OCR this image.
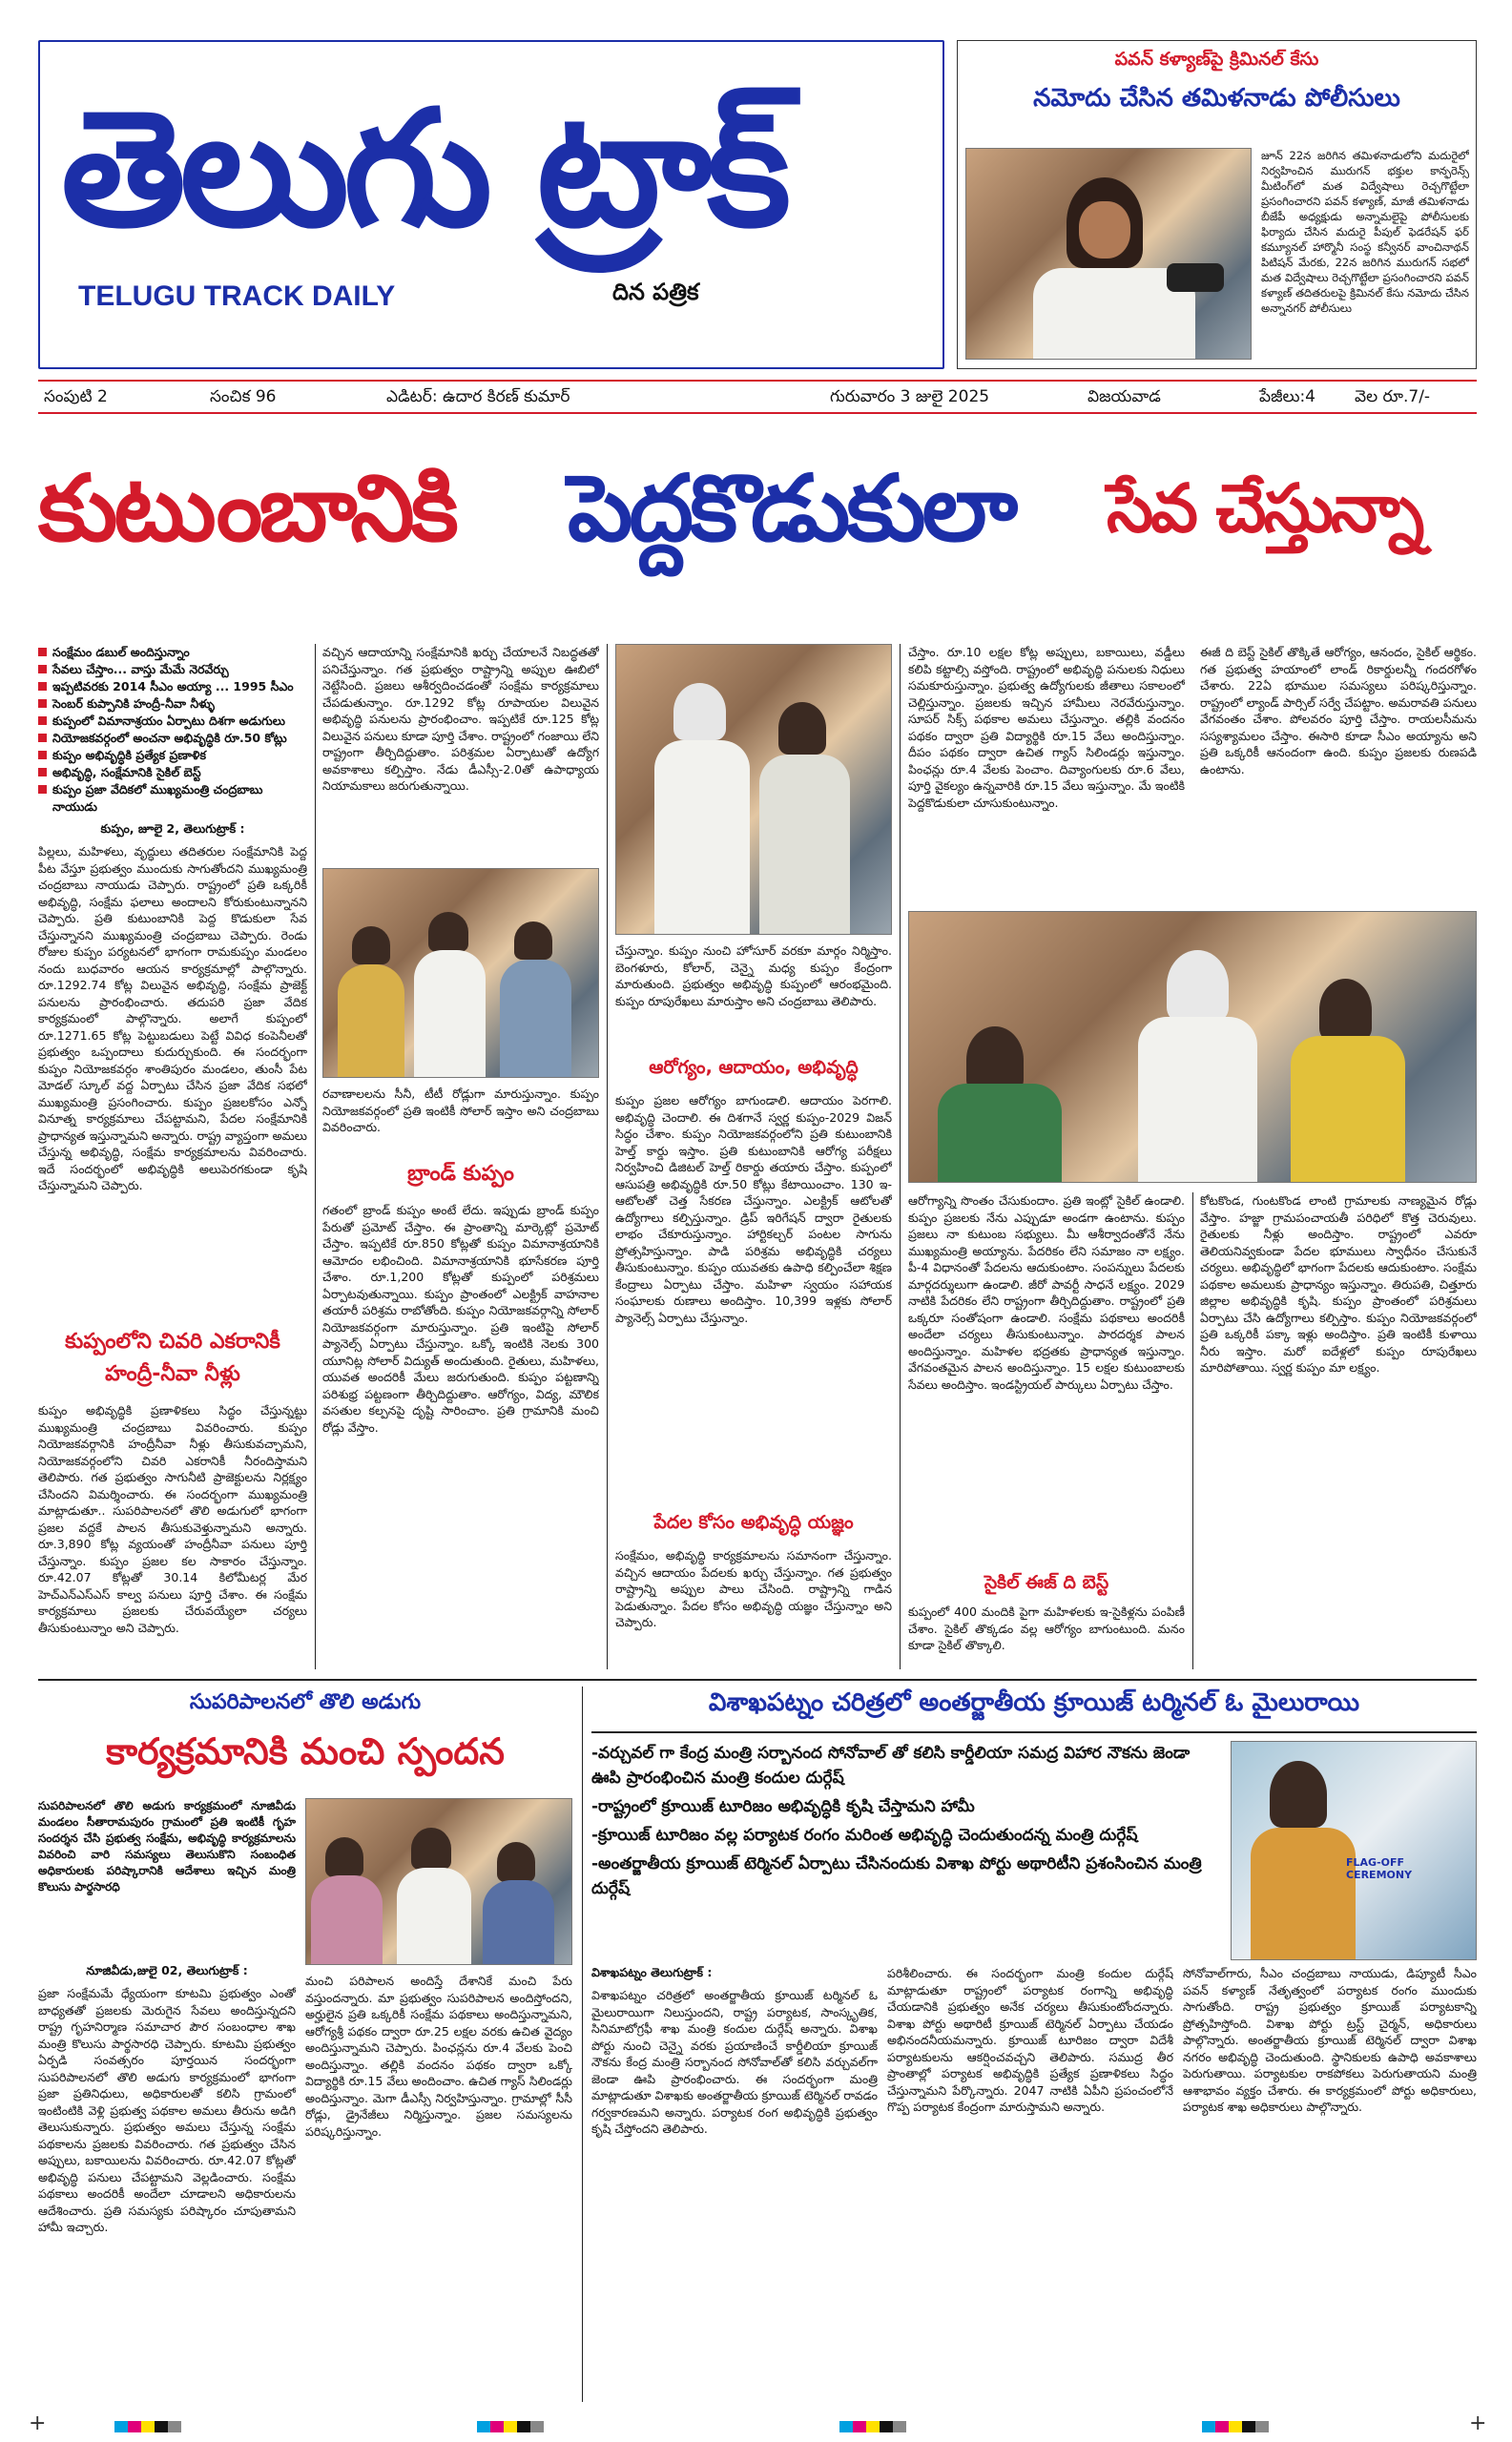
తెలుగు ట్రాక్
TELUGU TRACK DAILY	దిన పత్రిక
పవన్ కళ్యాణ్‌పై క్రిమినల్ కేసు
నమోదు చేసిన తమిళనాడు పోలీసులు
జూన్ 22న జరిగిన తమిళనాడులోని మదురైలో నిర్వహించిన మురుగన్ భక్తుల కాన్ఫరెన్స్ మీటింగ్‌లో మత విద్వేషాలు రెచ్చగొట్టేలా ప్రసంగించారని పవన్ కళ్యాణ్, మాజీ తమిళనాడు బీజేపీ అధ్యక్షుడు అన్నామలైపై పోలీసులకు ఫిర్యాదు చేసిన మదురై పీపుల్ ఫెడరేషన్ ఫర్ కమ్యూనల్ హార్మొనీ సంస్థ కన్వీనర్ వాంచినాథన్ పిటిషన్ మేరకు, 22న జరిగిన మురుగన్ సభలో మత విద్వేషాలు రెచ్చగొట్టేలా ప్రసంగించారని పవన్ కళ్యాణ్ తదితరులపై క్రిమినల్ కేసు నమోదు చేసిన అన్నానగర్ పోలీసులు
సంపుటి 2	సంచిక 96	ఎడిటర్: ఉదార కిరణ్ కుమార్	గురువారం 3 జులై 2025	విజయవాడ	పేజీలు:4 వెల రూ.7/-
కుటుంబానికి పెద్దకొడుకులా సేవ చేస్తున్నా
సంక్షేమం డబుల్ అందిస్తున్నాం
సేవలు చేస్తాం... వాస్తు మేమే నెరవేర్చు
ఇప్పటివరకు 2014 సీఎం అయ్యా ... 1995 సీఎం
సెంబర్ కుప్పానికి హంద్రీ-నీవా నీళ్ళు
కుప్పంలో విమానాశ్రయం ఏర్పాటు దిశగా అడుగులు
నియోజకవర్గంలో అంచనా అభివృద్ధికి రూ.50 కోట్లు
కుప్పం అభివృద్ధికి ప్రత్యేక ప్రణాళిక
అభివృద్ధి, సంక్షేమానికి సైకిల్ బెస్ట్
కుప్పం ప్రజా వేదికలో ముఖ్యమంత్రి చంద్రబాబు నాయుడు
కుప్పం, జూలై 2, తెలుగుట్రాక్ :
పిల్లలు, మహిళలు, వృద్ధులు తదితరుల సంక్షేమానికి పెద్ద పీట వేస్తూ ప్రభుత్వం ముందుకు సాగుతోందని ముఖ్యమంత్రి చంద్రబాబు నాయుడు చెప్పారు. రాష్ట్రంలో ప్రతి ఒక్కరికీ అభివృద్ధి, సంక్షేమ ఫలాలు అందాలని కోరుకుంటున్నానని చెప్పారు. ప్రతి కుటుంబానికి పెద్ద కొడుకులా సేవ చేస్తున్నానని ముఖ్యమంత్రి చంద్రబాబు చెప్పారు. రెండు రోజుల కుప్పం పర్యటనలో భాగంగా రామకుప్పం మండలం నందు బుధవారం ఆయన కార్యక్రమాల్లో పాల్గొన్నారు. రూ.1292.74 కోట్ల విలువైన అభివృద్ధి, సంక్షేమ ప్రాజెక్ట్ పనులను ప్రారంభించారు. తదుపరి ప్రజా వేదిక కార్యక్రమంలో పాల్గొన్నారు. అలాగే కుప్పంలో రూ.1271.65 కోట్ల పెట్టుబడులు పెట్టే వివిధ కంపెనీలతో ప్రభుత్వం ఒప్పందాలు కుదుర్చుకుంది. ఈ సందర్భంగా కుప్పం నియోజకవర్గం శాంతిపురం మండలం, తుంసీ పేట మోడల్ స్కూల్ వద్ద ఏర్పాటు చేసిన ప్రజా వేదిక సభలో ముఖ్యమంత్రి ప్రసంగించారు. కుప్పం ప్రజలకోసం ఎన్నో వినూత్న కార్యక్రమాలు చేపట్టామని, పేదల సంక్షేమానికి ప్రాధాన్యత ఇస్తున్నామని అన్నారు. రాష్ట్ర వ్యాప్తంగా అమలు చేస్తున్న అభివృద్ధి, సంక్షేమ కార్యక్రమాలను వివరించారు. ఇదే సందర్భంలో అభివృద్ధికి అలుపెరగకుండా కృషి చేస్తున్నామని చెప్పారు.
కుప్పంలోని చివరి ఎకరానికీ
హంద్రీ-నీవా నీళ్లు
కుప్పం అభివృద్ధికి ప్రణాళికలు సిద్ధం చేస్తున్నట్టు ముఖ్యమంత్రి చంద్రబాబు వివరించారు. కుప్పం నియోజకవర్గానికి హంద్రీనీవా నీళ్లు తీసుకువచ్చామని, నియోజకవర్గంలోని చివరి ఎకరానికీ నీరందిస్తామని తెలిపారు. గత ప్రభుత్వం సాగునీటి ప్రాజెక్టులను నిర్లక్ష్యం చేసిందని విమర్శించారు. ఈ సందర్భంగా ముఖ్యమంత్రి మాట్లాడుతూ.. సుపరిపాలనలో తొలి అడుగులో భాగంగా ప్రజల వద్దకే పాలన తీసుకువెళ్తున్నామని అన్నారు. రూ.3,890 కోట్ల వ్యయంతో హంద్రీనీవా పనులు పూర్తి చేస్తున్నాం. కుప్పం ప్రజల కల సాకారం చేస్తున్నాం. రూ.42.07 కోట్లతో 30.14 కిలోమీటర్ల మేర హెచ్ఎన్ఎస్ఎస్ కాల్వ పనులు పూర్తి చేశాం. ఈ సంక్షేమ కార్యక్రమాలు ప్రజలకు చేరువయ్యేలా చర్యలు తీసుకుంటున్నాం అని చెప్పారు.
వచ్చిన ఆదాయాన్ని సంక్షేమానికి ఖర్చు చేయాలనే నిబద్ధతతో పనిచేస్తున్నాం. గత ప్రభుత్వం రాష్ట్రాన్ని అప్పుల ఊబిలో నెట్టేసింది. ప్రజలు ఆశీర్వదించడంతో సంక్షేమ కార్యక్రమాలు చేపడుతున్నాం. రూ.1292 కోట్ల రూపాయల విలువైన అభివృద్ధి పనులను ప్రారంభించాం. ఇప్పటికే రూ.125 కోట్ల విలువైన పనులు కూడా పూర్తి చేశాం. రాష్ట్రంలో గంజాయి లేని రాష్ట్రంగా తీర్చిదిద్దుతాం. పరిశ్రమల ఏర్పాటుతో ఉద్యోగ అవకాశాలు కల్పిస్తాం. నేడు డీఎస్సీ-2.0తో ఉపాధ్యాయ నియామకాలు జరుగుతున్నాయి.
రవాణాలలను సీనీ, టీటీ రోడ్లుగా మారుస్తున్నాం. కుప్పం నియోజకవర్గంలో ప్రతి ఇంటికీ సోలార్ ఇస్తాం అని చంద్రబాబు వివరించారు.
బ్రాండ్ కుప్పం
గతంలో బ్రాండ్ కుప్పం అంటే లేదు. ఇప్పుడు బ్రాండ్ కుప్పం పేరుతో ప్రమోట్ చేస్తాం. ఈ ప్రాంతాన్ని మార్కెట్లో ప్రమోట్ చేస్తాం. ఇప్పటికే రూ.850 కోట్లతో కుప్పం విమానాశ్రయానికి ఆమోదం లభించింది. విమానాశ్రయానికి భూసేకరణ పూర్తి చేశాం. రూ.1,200 కోట్లతో కుప్పంలో పరిశ్రమలు ఏర్పాటవుతున్నాయి. కుప్పం ప్రాంతంలో ఎలక్ట్రిక్ వాహనాల తయారీ పరిశ్రమ రాబోతోంది. కుప్పం నియోజకవర్గాన్ని సోలార్ నియోజకవర్గంగా మారుస్తున్నాం. ప్రతి ఇంటిపై సోలార్ ప్యానెల్స్ ఏర్పాటు చేస్తున్నాం. ఒక్కో ఇంటికి నెలకు 300 యూనిట్ల సోలార్ విద్యుత్ అందుతుంది. రైతులు, మహిళలు, యువత అందరికీ మేలు జరుగుతుంది. కుప్పం పట్టణాన్ని పరిశుభ్ర పట్టణంగా తీర్చిదిద్దుతాం. ఆరోగ్యం, విద్య, మౌలిక వసతుల కల్పనపై దృష్టి సారించాం. ప్రతి గ్రామానికి మంచి రోడ్లు వేస్తాం.
చేస్తున్నాం. కుప్పం నుంచి హోసూర్ వరకూ మార్గం నిర్మిస్తాం. బెంగళూరు, కోలార్, చెన్నై మధ్య కుప్పం కేంద్రంగా మారుతుంది. ప్రభుత్వం అభివృద్ధి కుప్పంలో ఆరంభమైంది. కుప్పం రూపురేఖలు మారుస్తాం అని చంద్రబాబు తెలిపారు.
ఆరోగ్యం, ఆదాయం, అభివృద్ధి
కుప్పం ప్రజల ఆరోగ్యం బాగుండాలి. ఆదాయం పెరగాలి. అభివృద్ధి చెందాలి. ఈ దిశగానే స్వర్ణ కుప్పం-2029 విజన్ సిద్ధం చేశాం. కుప్పం నియోజకవర్గంలోని ప్రతి కుటుంబానికి హెల్త్ కార్డు ఇస్తాం. ప్రతి కుటుంబానికి ఆరోగ్య పరీక్షలు నిర్వహించి డిజిటల్ హెల్త్ రికార్డు తయారు చేస్తాం. కుప్పంలో ఆసుపత్రి అభివృద్ధికి రూ.50 కోట్లు కేటాయించాం. 130 ఇ-ఆటోలతో చెత్త సేకరణ చేస్తున్నాం. ఎలక్ట్రిక్ ఆటోలతో ఉద్యోగాలు కల్పిస్తున్నాం. డ్రిప్ ఇరిగేషన్ ద్వారా రైతులకు లాభం చేకూరుస్తున్నాం. హార్టికల్చర్ పంటల సాగును ప్రోత్సహిస్తున్నాం. పాడి పరిశ్రమ అభివృద్ధికి చర్యలు తీసుకుంటున్నాం. కుప్పం యువతకు ఉపాధి కల్పించేలా శిక్షణ కేంద్రాలు ఏర్పాటు చేస్తాం. మహిళా స్వయం సహాయక సంఘాలకు రుణాలు అందిస్తాం. 10,399 ఇళ్లకు సోలార్ ప్యానెల్స్ ఏర్పాటు చేస్తున్నాం.
పేదల కోసం అభివృద్ధి యజ్ఞం
సంక్షేమం, అభివృద్ధి కార్యక్రమాలను సమానంగా చేస్తున్నాం. వచ్చిన ఆదాయం పేదలకు ఖర్చు చేస్తున్నాం. గత ప్రభుత్వం రాష్ట్రాన్ని అప్పుల పాలు చేసింది. రాష్ట్రాన్ని గాడిన పెడుతున్నాం. పేదల కోసం అభివృద్ధి యజ్ఞం చేస్తున్నాం అని చెప్పారు.
చేస్తాం. రూ.10 లక్షల కోట్ల అప్పులు, బకాయిలు, వడ్డీలు కలిపి కట్టాల్సి వస్తోంది. రాష్ట్రంలో అభివృద్ధి పనులకు నిధులు సమకూరుస్తున్నాం. ప్రభుత్వ ఉద్యోగులకు జీతాలు సకాలంలో చెల్లిస్తున్నాం. ప్రజలకు ఇచ్చిన హామీలు నెరవేరుస్తున్నాం. సూపర్ సిక్స్ పథకాల అమలు చేస్తున్నాం. తల్లికి వందనం పథకం ద్వారా ప్రతి విద్యార్థికి రూ.15 వేలు అందిస్తున్నాం. దీపం పథకం ద్వారా ఉచిత గ్యాస్ సిలిండర్లు ఇస్తున్నాం. పింఛన్లు రూ.4 వేలకు పెంచాం. దివ్యాంగులకు రూ.6 వేలు, పూర్తి వైకల్యం ఉన్నవారికి రూ.15 వేలు ఇస్తున్నాం. మే ఇంటికి పెద్దకొడుకులా చూసుకుంటున్నాం.
ఈజీ ది బెస్ట్ సైకిల్ తొక్కితే ఆరోగ్యం, ఆనందం, సైకిల్ ఆర్థికం. గత ప్రభుత్వ హయాంలో లాండ్ రికార్డులన్నీ గందరగోళం చేశారు. 22ఏ భూముల సమస్యలు పరిష్కరిస్తున్నాం. రాష్ట్రంలో ల్యాండ్ పార్సిల్ సర్వే చేపట్టాం. అమరావతి పనులు వేగవంతం చేశాం. పోలవరం పూర్తి చేస్తాం. రాయలసీమను సస్యశ్యామలం చేస్తాం. ఈసారి కూడా సీఎం అయ్యాను అని ప్రతి ఒక్కరికీ ఆనందంగా ఉంది. కుప్పం ప్రజలకు రుణపడి ఉంటాను.
ఆరోగ్యాన్ని సొంతం చేసుకుందాం. ప్రతి ఇంట్లో సైకిల్ ఉండాలి. కుప్పం ప్రజలకు నేను ఎప్పుడూ అండగా ఉంటాను. కుప్పం ప్రజలు నా కుటుంబ సభ్యులు. మీ ఆశీర్వాదంతోనే నేను ముఖ్యమంత్రి అయ్యాను. పేదరికం లేని సమాజం నా లక్ష్యం. పీ-4 విధానంతో పేదలను ఆదుకుంటాం. సంపన్నులు పేదలకు మార్గదర్శులుగా ఉండాలి. జీరో పావర్టీ సాధనే లక్ష్యం. 2029 నాటికి పేదరికం లేని రాష్ట్రంగా తీర్చిదిద్దుతాం. రాష్ట్రంలో ప్రతి ఒక్కరూ సంతోషంగా ఉండాలి. సంక్షేమ పథకాలు అందరికీ అందేలా చర్యలు తీసుకుంటున్నాం. పారదర్శక పాలన అందిస్తున్నాం. మహిళల భద్రతకు ప్రాధాన్యత ఇస్తున్నాం. వేగవంతమైన పాలన అందిస్తున్నాం. 15 లక్షల కుటుంబాలకు సేవలు అందిస్తాం. ఇండస్ట్రియల్ పార్కులు ఏర్పాటు చేస్తాం.
సైకిల్ ఈజ్ ది బెస్ట్
కుప్పంలో 400 మందికి పైగా మహిళలకు ఇ-సైకిళ్లను పంపిణీ చేశాం. సైకిల్ తొక్కడం వల్ల ఆరోగ్యం బాగుంటుంది. మనం కూడా సైకిల్ తొక్కాలి.
కోటకొండ, గుంటకొండ లాంటి గ్రామాలకు నాణ్యమైన రోడ్లు వేస్తాం. హజ్జా గ్రామపంచాయతీ పరిధిలో కొత్త చెరువులు. రైతులకు నీళ్లు అందిస్తాం. రాష్ట్రంలో ఎవరూ తెలియనివ్వకుండా పేదల భూములు స్వాధీనం చేసుకునే చర్యలు. అభివృద్ధిలో భాగంగా పేదలకు ఆదుకుంటాం. సంక్షేమ పథకాల అమలుకు ప్రాధాన్యం ఇస్తున్నాం. తిరుపతి, చిత్తూరు జిల్లాల అభివృద్ధికి కృషి. కుప్పం ప్రాంతంలో పరిశ్రమలు ఏర్పాటు చేసి ఉద్యోగాలు కల్పిస్తాం. కుప్పం నియోజకవర్గంలో ప్రతి ఒక్కరికీ పక్కా ఇళ్లు అందిస్తాం. ప్రతి ఇంటికీ కుళాయి నీరు ఇస్తాం. మరో ఐదేళ్లలో కుప్పం రూపురేఖలు మారిపోతాయి. స్వర్ణ కుప్పం మా లక్ష్యం.
సుపరిపాలనలో తొలి అడుగు
కార్యక్రమానికి మంచి స్పందన
సుపరిపాలనలో తొలి అడుగు కార్యక్రమంలో నూజివీడు మండలం సీతారామపురం గ్రామంలో ప్రతి ఇంటికీ గృహ సందర్శన చేసి ప్రభుత్వ సంక్షేమ, అభివృద్ధి కార్యక్రమాలను వివరించి వారి సమస్యలు తెలుసుకొని సంబంధిత అధికారులకు పరిష్కారానికి ఆదేశాలు ఇచ్చిన మంత్రి కొలుసు పార్థసారధి
నూజివీడు,జులై 02, తెలుగుట్రాక్ :
ప్రజా సంక్షేమమే ధ్యేయంగా కూటమి ప్రభుత్వం ఎంతో బాధ్యతతో ప్రజలకు మెరుగైన సేవలు అందిస్తున్నదని రాష్ట్ర గృహనిర్మాణ సమాచార పౌర సంబంధాల శాఖ మంత్రి కొలుసు పార్థసారధి చెప్పారు. కూటమి ప్రభుత్వం ఏర్పడి సంవత్సరం పూర్తయిన సందర్భంగా సుపరిపాలనలో తొలి అడుగు కార్యక్రమంలో భాగంగా ప్రజా ప్రతినిధులు, అధికారులతో కలిసి గ్రామంలో ఇంటింటికి వెళ్లి ప్రభుత్వ పథకాల అమలు తీరును అడిగి తెలుసుకున్నారు. ప్రభుత్వం అమలు చేస్తున్న సంక్షేమ పథకాలను ప్రజలకు వివరించారు. గత ప్రభుత్వం చేసిన అప్పులు, బకాయిలను వివరించారు. రూ.42.07 కోట్లతో అభివృద్ధి పనులు చేపట్టామని వెల్లడించారు. సంక్షేమ పథకాలు అందరికీ అందేలా చూడాలని అధికారులను ఆదేశించారు. ప్రతి సమస్యకు పరిష్కారం చూపుతామని హామీ ఇచ్చారు.
మంచి పరిపాలన అందిస్తే దేశానికే మంచి పేరు వస్తుందన్నారు. మా ప్రభుత్వం సుపరిపాలన అందిస్తోందని, అర్హులైన ప్రతి ఒక్కరికీ సంక్షేమ పథకాలు అందిస్తున్నామని, ఆరోగ్యశ్రీ పథకం ద్వారా రూ.25 లక్షల వరకు ఉచిత వైద్యం అందిస్తున్నామని చెప్పారు. పింఛన్లను రూ.4 వేలకు పెంచి అందిస్తున్నాం. తల్లికి వందనం పథకం ద్వారా ఒక్కో విద్యార్థికి రూ.15 వేలు అందించాం. ఉచిత గ్యాస్ సిలిండర్లు అందిస్తున్నాం. మెగా డీఎస్సీ నిర్వహిస్తున్నాం. గ్రామాల్లో సీసీ రోడ్లు, డ్రైనేజీలు నిర్మిస్తున్నాం. ప్రజల సమస్యలను పరిష్కరిస్తున్నాం.
విశాఖపట్నం చరిత్రలో అంతర్జాతీయ క్రూయిజ్ టర్మినల్ ఓ మైలురాయి
-వర్చువల్ గా కేంద్ర మంత్రి సర్బానంద సోనోవాల్ తో కలిసి కార్డీలియా సమద్ర విహార నౌకను జెండా ఊపి ప్రారంభించిన మంత్రి కందుల దుర్గేష్
-రాష్ట్రంలో క్రూయిజ్ టూరిజం అభివృద్ధికి కృషి చేస్తామని హామీ
-క్రూయిజ్ టూరిజం వల్ల పర్యాటక రంగం మరింత అభివృద్ధి చెందుతుందన్న మంత్రి దుర్గేష్
-అంతర్జాతీయ క్రూయిజ్ టెర్మినల్ ఏర్పాటు చేసినందుకు విశాఖ పోర్టు అథారిటీని ప్రశంసించిన మంత్రి దుర్గేష్
FLAG-OFF CEREMONY
విశాఖపట్నం తెలుగుట్రాక్ :
విశాఖపట్నం చరిత్రలో అంతర్జాతీయ క్రూయిజ్ టర్మినల్ ఓ మైలురాయిగా నిలుస్తుందని, రాష్ట్ర పర్యాటక, సాంస్కృతిక, సినిమాటోగ్రఫీ శాఖ మంత్రి కందుల దుర్గేష్ అన్నారు. విశాఖ పోర్టు నుంచి చెన్నై వరకు ప్రయాణించే కార్డీలియా క్రూయిజ్ నౌకను కేంద్ర మంత్రి సర్బానంద సోనోవాల్‌తో కలిసి వర్చువల్‌గా జెండా ఊపి ప్రారంభించారు. ఈ సందర్భంగా మంత్రి మాట్లాడుతూ విశాఖకు అంతర్జాతీయ క్రూయిజ్ టెర్మినల్ రావడం గర్వకారణమని అన్నారు. పర్యాటక రంగ అభివృద్ధికి ప్రభుత్వం కృషి చేస్తోందని తెలిపారు.
పరిశీలించారు. ఈ సందర్భంగా మంత్రి కందుల దుర్గేష్ మాట్లాడుతూ రాష్ట్రంలో పర్యాటక రంగాన్ని అభివృద్ధి చేయడానికి ప్రభుత్వం అనేక చర్యలు తీసుకుంటోందన్నారు. విశాఖ పోర్టు అథారిటీ క్రూయిజ్ టెర్మినల్ ఏర్పాటు చేయడం అభినందనీయమన్నారు. క్రూయిజ్ టూరిజం ద్వారా విదేశీ పర్యాటకులను ఆకర్షించవచ్చని తెలిపారు. సముద్ర తీర ప్రాంతాల్లో పర్యాటక అభివృద్ధికి ప్రత్యేక ప్రణాళికలు సిద్ధం చేస్తున్నామని పేర్కొన్నారు. 2047 నాటికి ఏపీని ప్రపంచంలోనే గొప్ప పర్యాటక కేంద్రంగా మారుస్తామని అన్నారు.
సోనోవాల్‌గారు, సీఎం చంద్రబాబు నాయుడు, డిప్యూటీ సీఎం పవన్ కళ్యాణ్ నేతృత్వంలో పర్యాటక రంగం ముందుకు సాగుతోంది. రాష్ట్ర ప్రభుత్వం క్రూయిజ్ పర్యాటకాన్ని ప్రోత్సహిస్తోంది. విశాఖ పోర్టు ట్రస్ట్ చైర్మన్, అధికారులు పాల్గొన్నారు. అంతర్జాతీయ క్రూయిజ్ టెర్మినల్ ద్వారా విశాఖ నగరం అభివృద్ధి చెందుతుంది. స్థానికులకు ఉపాధి అవకాశాలు పెరుగుతాయి. పర్యాటకుల రాకపోకలు పెరుగుతాయని మంత్రి ఆశాభావం వ్యక్తం చేశారు. ఈ కార్యక్రమంలో పోర్టు అధికారులు, పర్యాటక శాఖ అధికారులు పాల్గొన్నారు.
+	+
